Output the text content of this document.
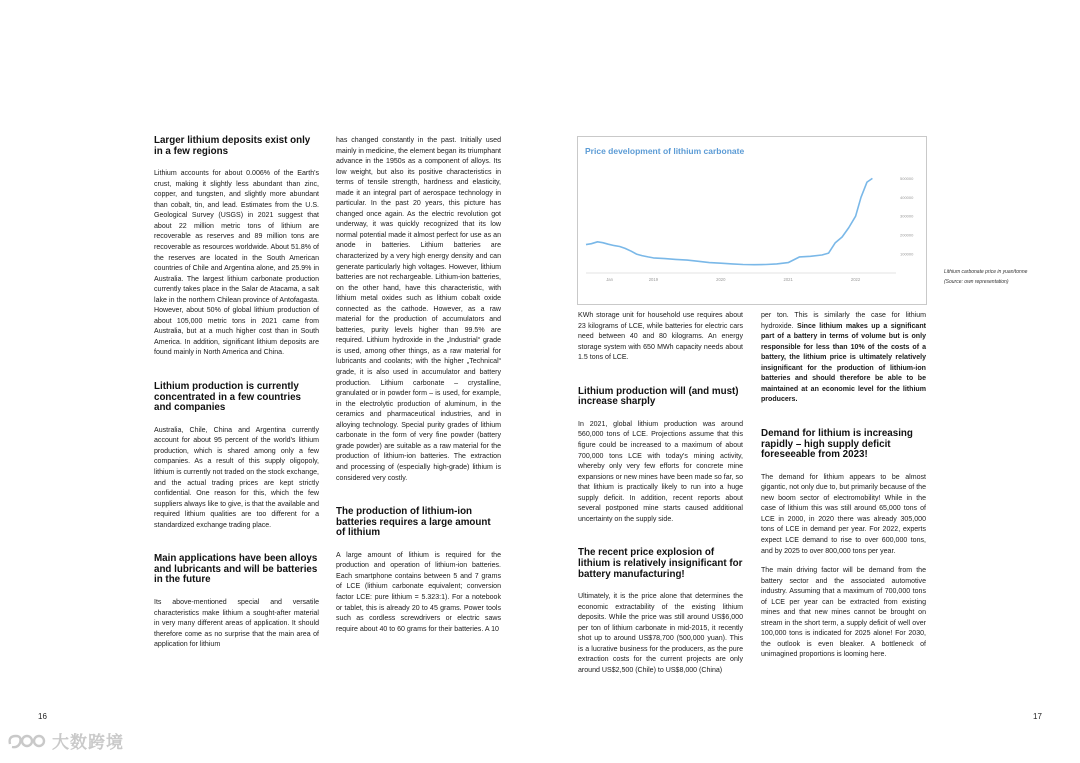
Larger lithium deposits exist only in a few regions

Lithium accounts for about 0.006% of the Earth's crust, making it slightly less abundant than zinc, copper, and tungsten, and slightly more abundant than cobalt, tin, and lead. Estimates from the U.S. Geological Survey (USGS) in 2021 suggest that about 22 million metric tons of lithium are recoverable as reserves and 89 million tons are recoverable as resources worldwide. About 51.8% of the reserves are located in the South American countries of Chile and Argentina alone, and 25.9% in Australia. The largest lithium carbonate production currently takes place in the Salar de Atacama, a salt lake in the northern Chilean province of Antofagasta. However, about 50% of global lithium production of about 105,000 metric tons in 2021 came from Australia, but at a much higher cost than in South America. In addition, significant lithium deposits are found mainly in North America and China.

Lithium production is currently concentrated in a few countries and companies

Australia, Chile, China and Argentina currently account for about 95 percent of the world's lithium production, which is shared among only a few companies. As a result of this supply oligopoly, lithium is currently not traded on the stock exchange, and the actual trading prices are kept strictly confidential. One reason for this, which the few suppliers always like to give, is that the available and required lithium qualities are too different for a standardized exchange trading place.

Main applications have been alloys and lubricants and will be batteries in the future

Its above-mentioned special and versatile characteristics make lithium a sought-after material in very many different areas of application. It should therefore come as no surprise that the main area of application for lithium

has changed constantly in the past. Initially used mainly in medicine, the element began its triumphant advance in the 1950s as a component of alloys. Its low weight, but also its positive characteristics in terms of tensile strength, hardness and elasticity, made it an integral part of aerospace technology in particular. In the past 20 years, this picture has changed once again. As the electric revolution got underway, it was quickly recognized that its low normal potential made it almost perfect for use as an anode in batteries. Lithium batteries are characterized by a very high energy density and can generate particularly high voltages. However, lithium batteries are not rechargeable. Lithium-ion batteries, on the other hand, have this characteristic, with lithium metal oxides such as lithium cobalt oxide connected as the cathode. However, as a raw material for the production of accumulators and batteries, purity levels higher than 99.5% are required. Lithium hydroxide in the „Industrial“ grade is used, among other things, as a raw material for lubricants and coolants; with the higher „Technical“ grade, it is also used in accumulator and battery production. Lithium carbonate – crystalline, granulated or in powder form – is used, for example, in the electrolytic production of aluminum, in the ceramics and pharmaceutical industries, and in alloying technology. Special purity grades of lithium carbonate in the form of very fine powder (battery grade powder) are suitable as a raw material for the production of lithium-ion batteries. The extraction and processing of (especially high-grade) lithium is considered very costly.

The production of lithium-ion batteries requires a large amount of lithium

A large amount of lithium is required for the production and operation of lithium-ion batteries. Each smartphone contains between 5 and 7 grams of LCE (lithium carbonate equivalent; conversion factor LCE: pure lithium = 5.323:1). For a notebook or tablet, this is already 20 to 45 grams. Power tools such as cordless screwdrivers or electric saws require about 40 to 60 grams for their batteries. A 10

Price development of lithium carbonate
100000
200000
300000
400000
500000
Jan	2019	2020	2021	2022
Lithium carbonate price in yuan/tonne
(Source: own representation)

KWh storage unit for household use requires about 23 kilograms of LCE, while batteries for electric cars need between 40 and 80 kilograms. An energy storage system with 650 MWh capacity needs about 1.5 tons of LCE.

Lithium production will (and must) increase sharply

In 2021, global lithium production was around 560,000 tons of LCE. Projections assume that this figure could be increased to a maximum of about 700,000 tons LCE with today's mining activity, whereby only very few efforts for concrete mine expansions or new mines have been made so far, so that lithium is practically likely to run into a huge supply deficit. In addition, recent reports about several postponed mine starts caused additional uncertainty on the supply side.

The recent price explosion of lithium is relatively insignificant for battery manufacturing!

Ultimately, it is the price alone that determines the economic extractability of the existing lithium deposits. While the price was still around US$6,000 per ton of lithium carbonate in mid-2015, it recently shot up to around US$78,700 (500,000 yuan). This is a lucrative business for the producers, as the pure extraction costs for the current projects are only around US$2,500 (Chile) to US$8,000 (China)

per ton. This is similarly the case for lithium hydroxide. Since lithium makes up a significant part of a battery in terms of volume but is only responsible for less than 10% of the costs of a battery, the lithium price is ultimately relatively insignificant for the production of lithium-ion batteries and should therefore be able to be maintained at an economic level for the lithium producers.

Demand for lithium is increasing rapidly – high supply deficit foreseeable from 2023!

The demand for lithium appears to be almost gigantic, not only due to, but primarily because of the new boom sector of electromobility! While in the case of lithium this was still around 65,000 tons of LCE in 2000, in 2020 there was already 305,000 tons of LCE in demand per year. For 2022, experts expect LCE demand to rise to over 600,000 tons, and by 2025 to over 800,000 tons per year.

The main driving factor will be demand from the battery sector and the associated automotive industry. Assuming that a maximum of 700,000 tons of LCE per year can be extracted from existing mines and that new mines cannot be brought on stream in the short term, a supply deficit of well over 100,000 tons is indicated for 2025 alone! For 2030, the outlook is even bleaker. A bottleneck of unimagined proportions is looming here.

16	17
大数跨境
